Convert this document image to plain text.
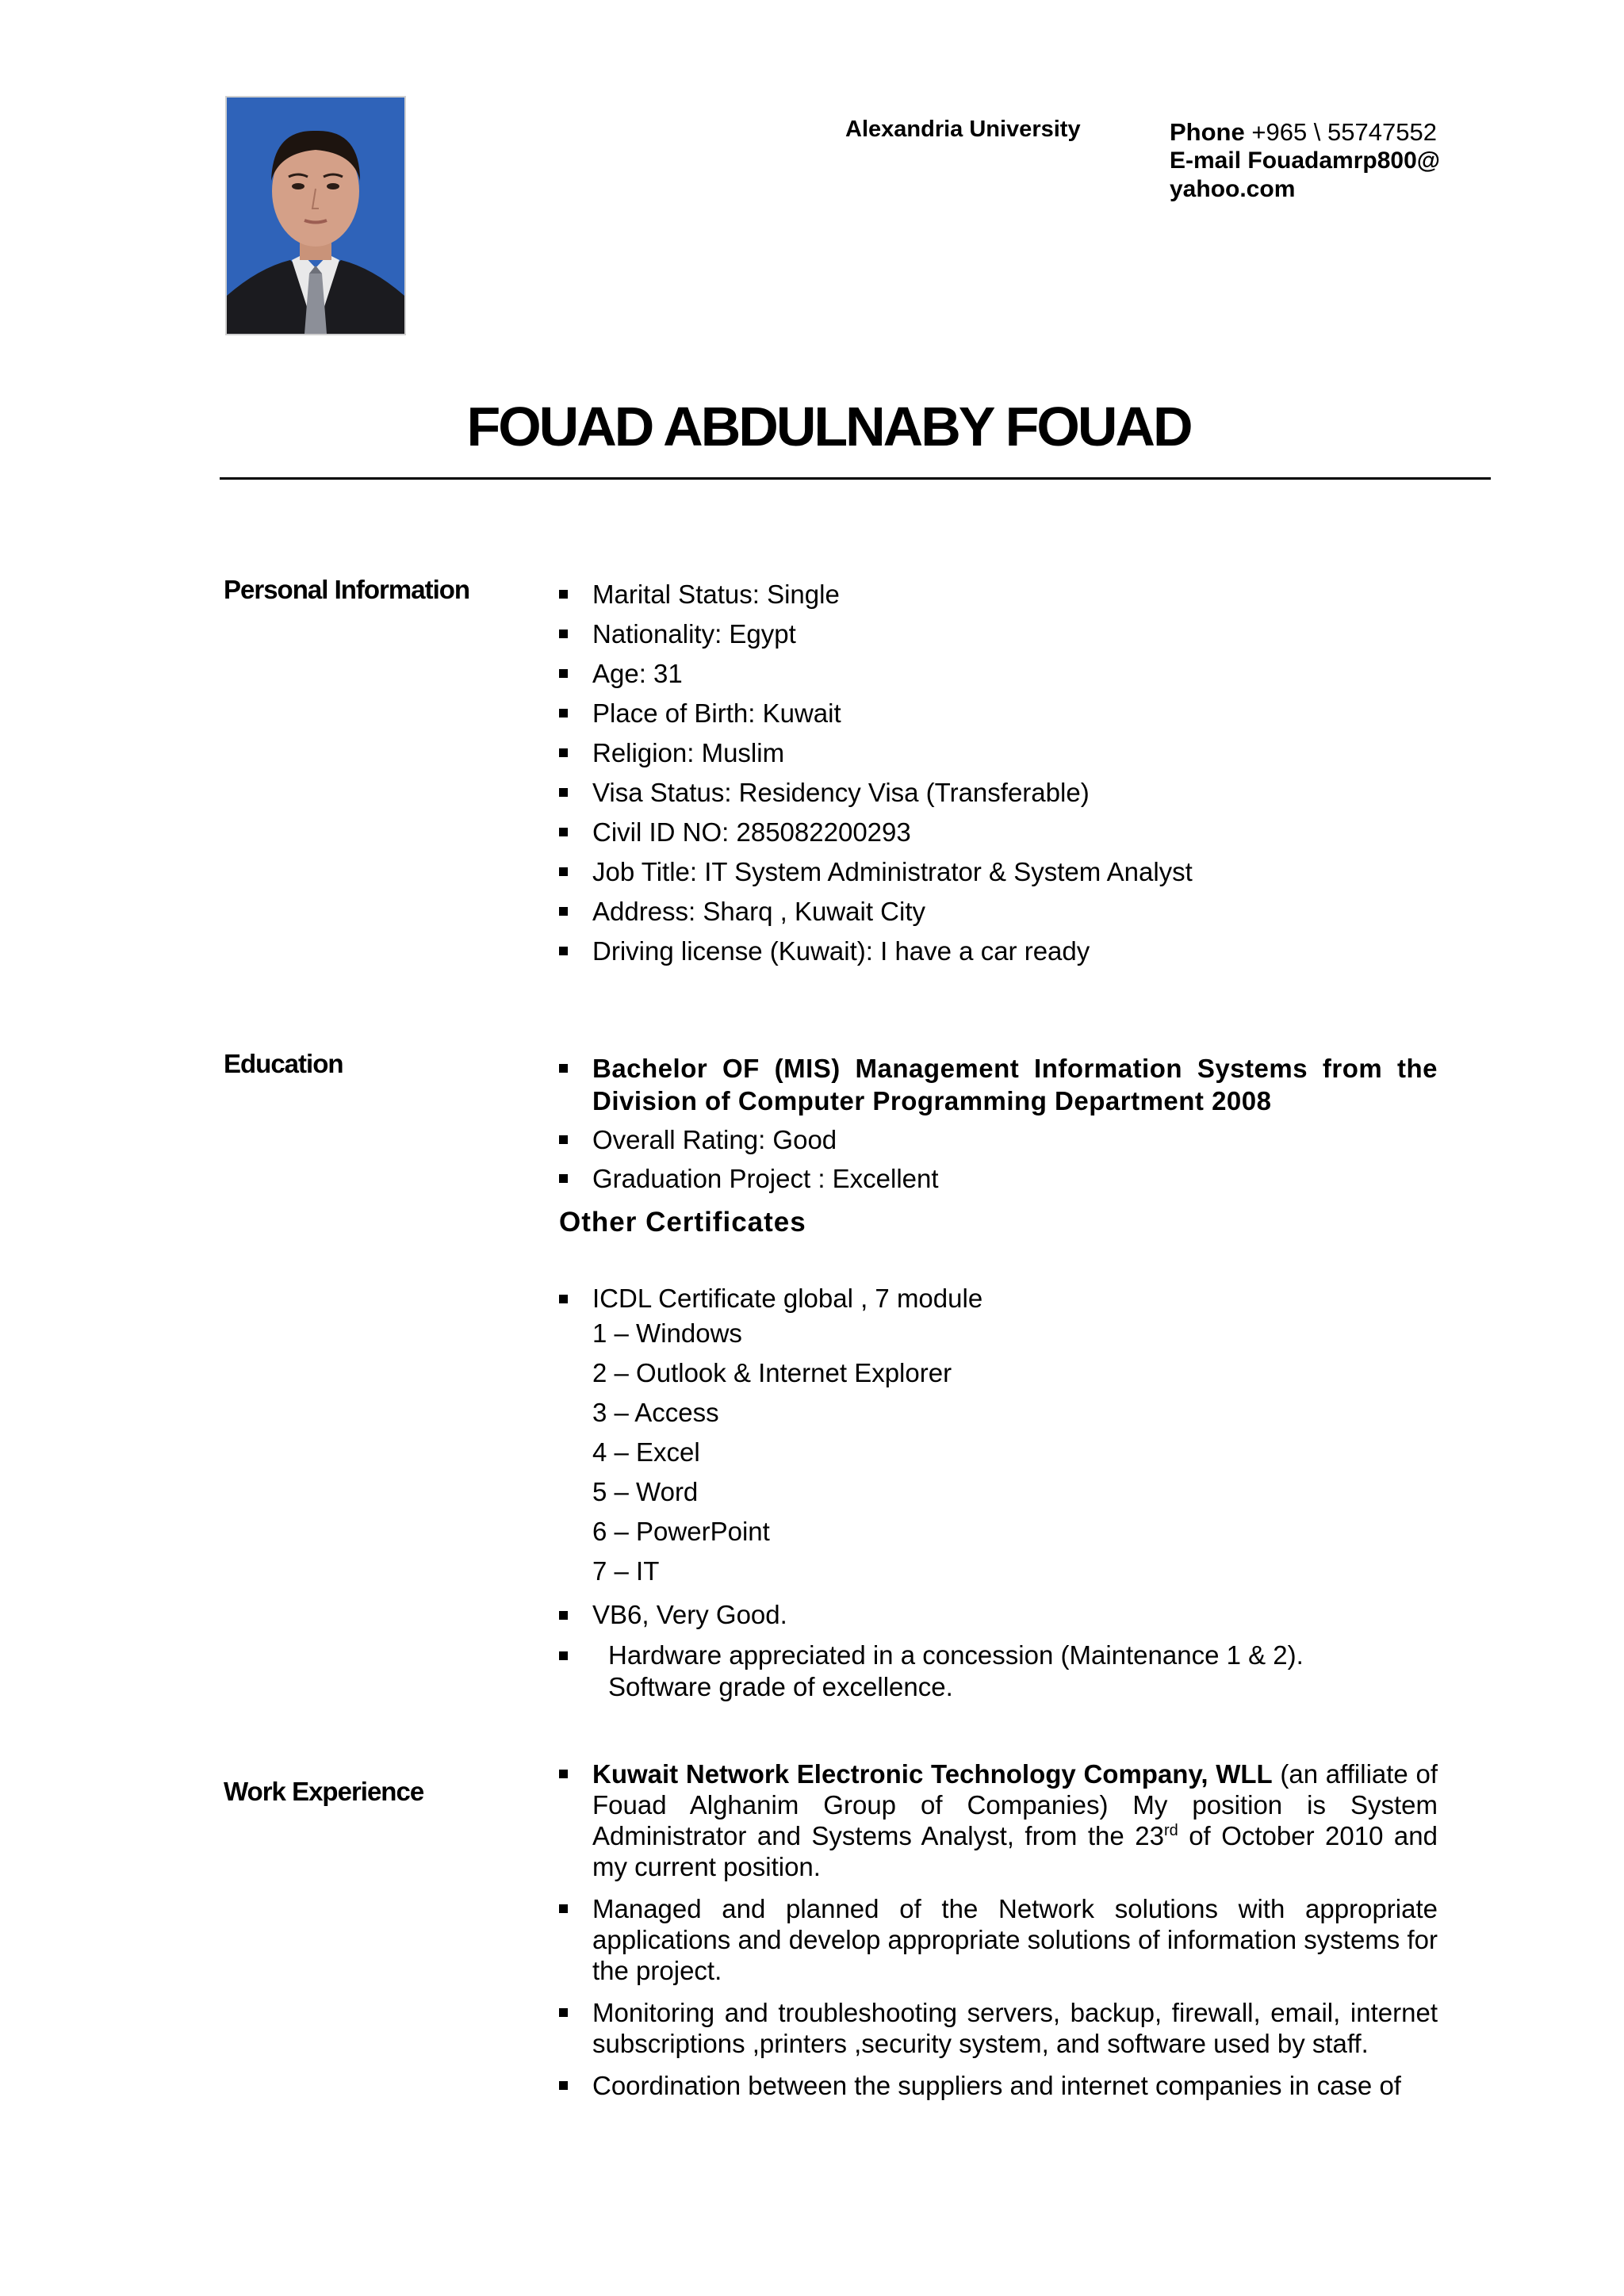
Alexandria University	Phone +965 \ 55747552
E-mail Fouadamrp800@
yahoo.com
FOUAD ABDULNABY FOUAD
Personal Information	Marital Status: Single
Nationality: Egypt
Age: 31
Place of Birth: Kuwait
Religion: Muslim
Visa Status: Residency Visa (Transferable)
Civil ID NO: 285082200293
Job Title: IT System Administrator & System Analyst
Address: Sharq , Kuwait City
Driving license (Kuwait): I have a car ready
Education	Bachelor OF (MIS) Management Information Systems from the Division of Computer Programming Department 2008
Overall Rating: Good
Graduation Project : Excellent
Other Certificates
ICDL Certificate global , 7 module
1 – Windows
2 – Outlook & Internet Explorer
3 – Access
4 – Excel
5 – Word
6 – PowerPoint
7 – IT
VB6, Very Good.
Hardware appreciated in a concession (Maintenance 1 & 2).
Software grade of excellence.
Work Experience
Kuwait Network Electronic Technology Company, WLL (an affiliate of Fouad Alghanim Group of Companies) My position is System Administrator and Systems Analyst, from the 23rd of October 2010 and my current position.
Managed and planned of the Network solutions with appropriate applications and develop appropriate solutions of information systems for the project.
Monitoring and troubleshooting servers, backup, firewall, email, internet subscriptions ,printers ,security system, and software used by staff.
Coordination between the suppliers and internet companies in case of
